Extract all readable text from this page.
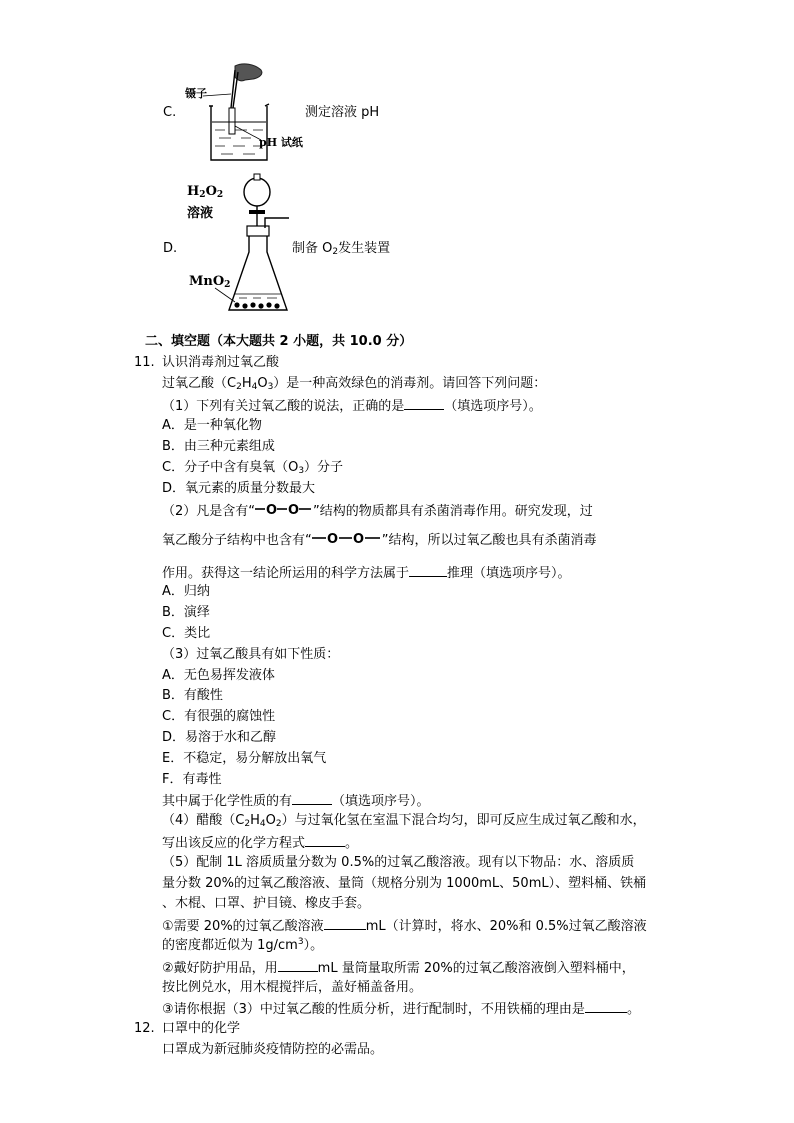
C.	测定溶液 pH
镊子
pH 试纸
D.	制备 $O_2$发生装置
$H_2O_2$
溶液
MnO$_2$
二、填空题（本大题共 2 小题，共 10.0 分）
11. 认识消毒剂过氧乙酸
过氧乙酸$(C_2H_4O_3)$是一种高效绿色的消毒剂。请回答下列问题：
（1）下列有关过氧乙酸的说法，正确的是	（填选项序号）。
A．是一种氧化物
B．由三种元素组成
C．分子中含有臭氧$(O_3)$分子
D．氧元素的质量分数最大
（2）凡是含有“ O O ”结构的物质都具有杀菌消毒作用。研究发现，过
氧乙酸分子结构中也含有“ O O ”结构，所以过氧乙酸也具有杀菌消毒
作用。获得这一结论所运用的科学方法属于	推理（填选项序号）。
A．归纳
B．演绎
C．类比
（3）过氧乙酸具有如下性质：
A．无色易挥发液体
B．有酸性
C．有很强的腐蚀性
D．易溶于水和乙醇
E．不稳定，易分解放出氧气
F．有毒性
其中属于化学性质的有	（填选项序号）。
（4）醋酸$(C_2H_4O_2)$与过氧化氢在室温下混合均匀，即可反应生成过氧乙酸和水，
写出该反应的化学方程式	。
（5）配制 1L 溶质质量分数为 0.5%的过氧乙酸溶液。现有以下物品：水、溶质质
量分数 20%的过氧乙酸溶液、量筒（规格分别为 1000mL、50mL）、塑料桶、铁桶
、木棍、口罩、护目镜、橡皮手套。
①需要 20%的过氧乙酸溶液	mL（计算时，将水、20%和 0.5%过氧乙酸溶液
的密度都近似为 $1g/cm^3$）。
②戴好防护用品，用	mL 量筒量取所需 20%的过氧乙酸溶液倒入塑料桶中，
按比例兑水，用木棍搅拌后，盖好桶盖备用。
③请你根据（3）中过氧乙酸的性质分析，进行配制时，不用铁桶的理由是	。
12. 口罩中的化学
口罩成为新冠肺炎疫情防控的必需品。
